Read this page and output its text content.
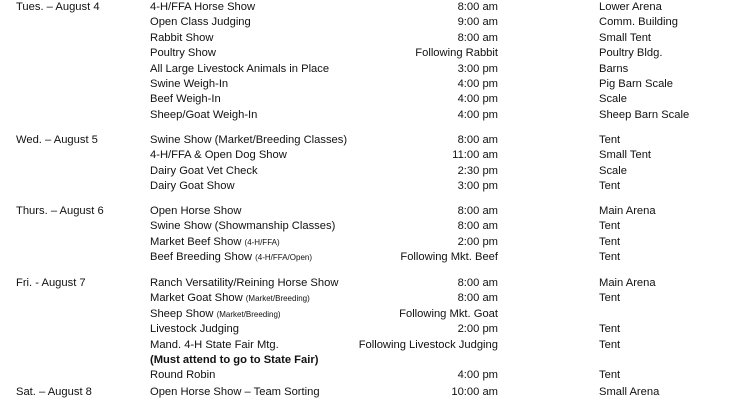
Tues. – August 4	4-H/FFA Horse Show	8:00 am	Lower Arena
Open Class Judging	9:00 am	Comm. Building
Rabbit Show	8:00 am	Small Tent
Poultry Show	Following Rabbit	Poultry Bldg.
All Large Livestock Animals in Place	3:00 pm	Barns
Swine Weigh-In	4:00 pm	Pig Barn Scale
Beef Weigh-In	4:00 pm	Scale
Sheep/Goat Weigh-In	4:00 pm	Sheep Barn Scale
Wed. – August 5	Swine Show (Market/Breeding Classes)	8:00 am	Tent
4-H/FFA & Open Dog Show	11:00 am	Small Tent
Dairy Goat Vet Check	2:30 pm	Scale
Dairy Goat Show	3:00 pm	Tent
Thurs. – August 6	Open Horse Show	8:00 am	Main Arena
Swine Show (Showmanship Classes)	8:00 am	Tent
Market Beef Show (4-H/FFA)	2:00 pm	Tent
Beef Breeding Show (4-H/FFA/Open)	Following Mkt. Beef	Tent
Fri. - August 7	Ranch Versatility/Reining Horse Show	8:00 am	Main Arena
Market Goat Show (Market/Breeding)	8:00 am	Tent
Sheep Show (Market/Breeding)	Following Mkt. Goat
Livestock Judging	2:00 pm	Tent
Mand. 4-H State Fair Mtg.	Following Livestock Judging	Tent
(Must attend to go to State Fair)
Round Robin	4:00 pm	Tent
Sat. – August 8	Open Horse Show – Team Sorting	10:00 am	Small Arena
